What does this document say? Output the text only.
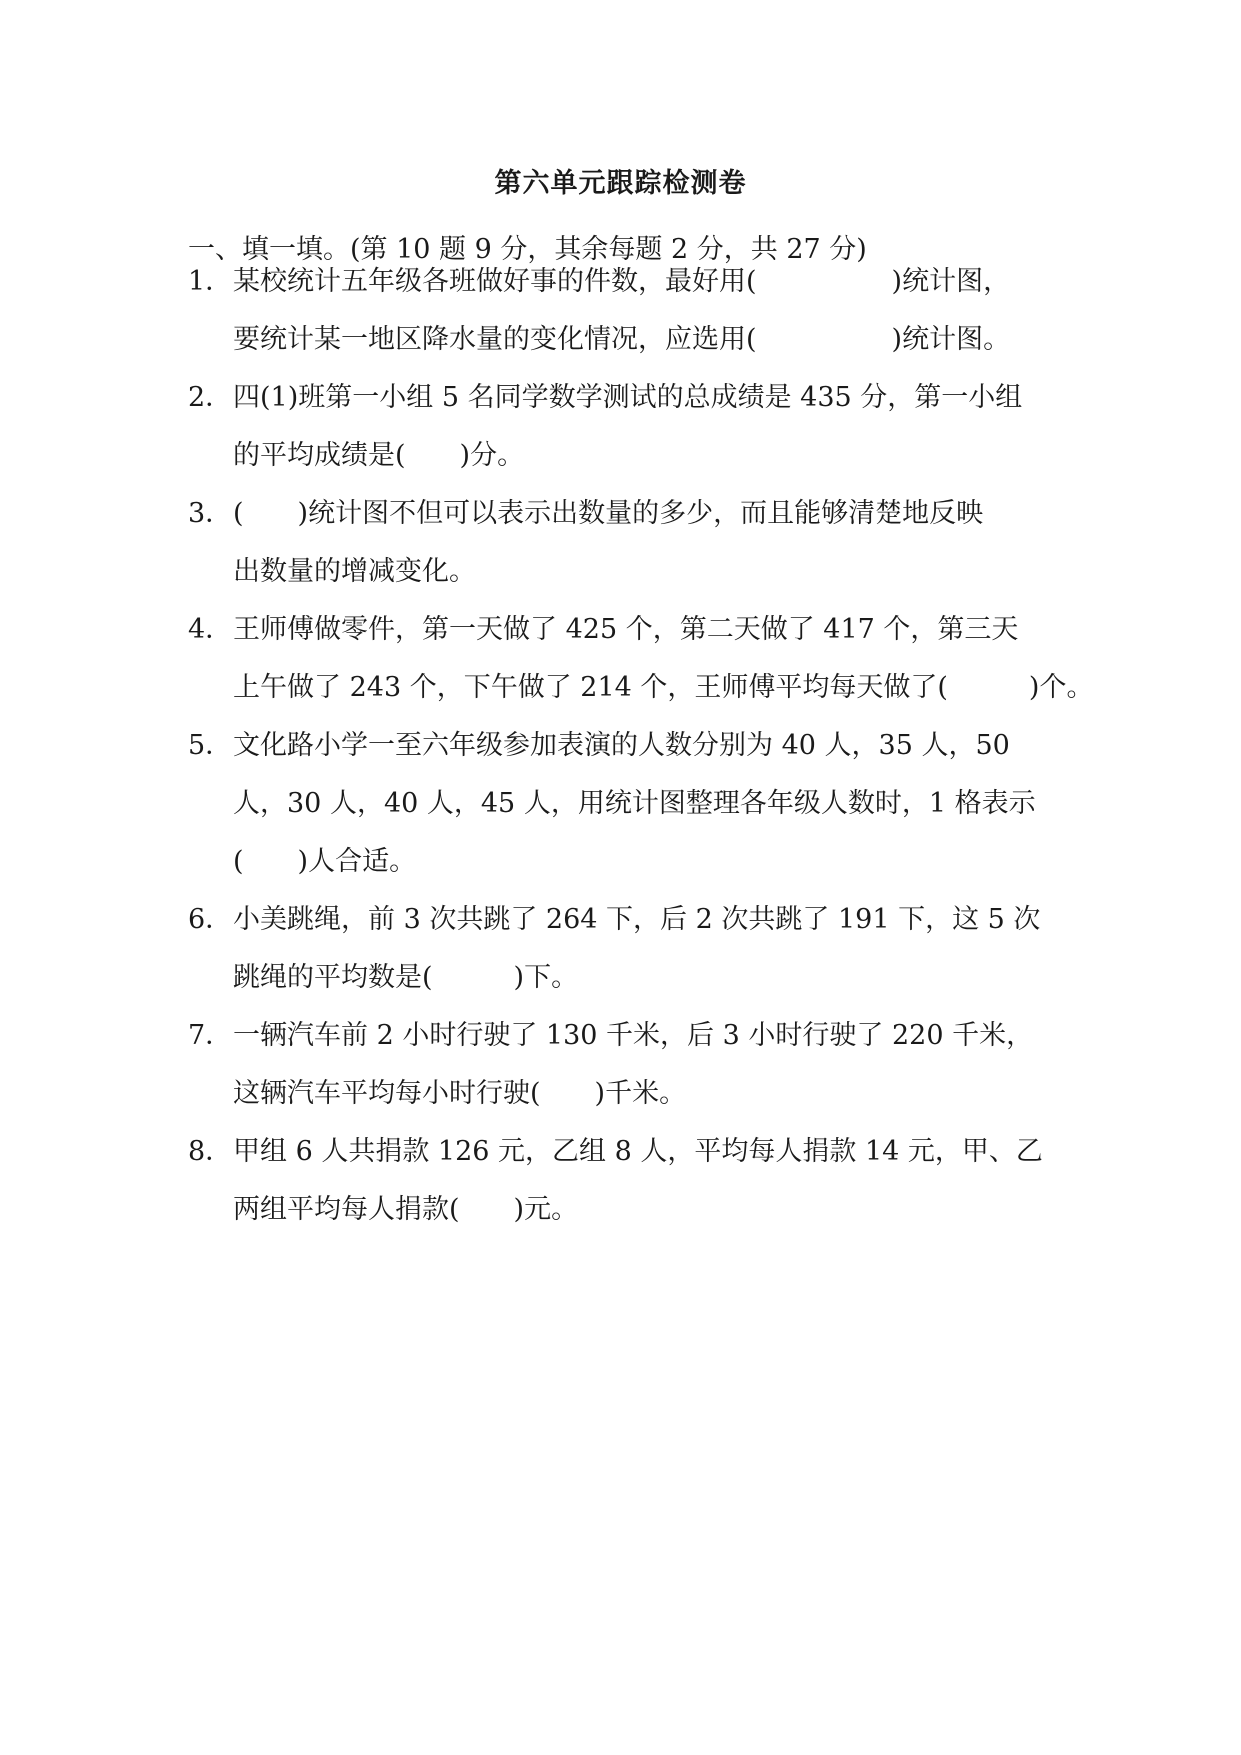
第六单元跟踪检测卷

一、填一填。(第 10 题 9 分，其余每题 2 分，共 27 分)

1．某校统计五年级各班做好事的件数，最好用(　　　　　)统计图，
要统计某一地区降水量的变化情况，应选用(　　　　　)统计图。
2．四(1)班第一小组 5 名同学数学测试的总成绩是 435 分，第一小组
的平均成绩是(　　)分。
3．(　　)统计图不但可以表示出数量的多少，而且能够清楚地反映
出数量的增减变化。
4．王师傅做零件，第一天做了 425 个，第二天做了 417 个，第三天
上午做了 243 个，下午做了 214 个，王师傅平均每天做了(　　　)个。
5．文化路小学一至六年级参加表演的人数分别为 40 人，35 人，50
人，30 人，40 人，45 人，用统计图整理各年级人数时，1 格表示
(　　)人合适。
6．小美跳绳，前 3 次共跳了 264 下，后 2 次共跳了 191 下，这 5 次
跳绳的平均数是(　　　)下。
7．一辆汽车前 2 小时行驶了 130 千米，后 3 小时行驶了 220 千米，
这辆汽车平均每小时行驶(　　)千米。
8．甲组 6 人共捐款 126 元，乙组 8 人，平均每人捐款 14 元，甲、乙
两组平均每人捐款(　　)元。
